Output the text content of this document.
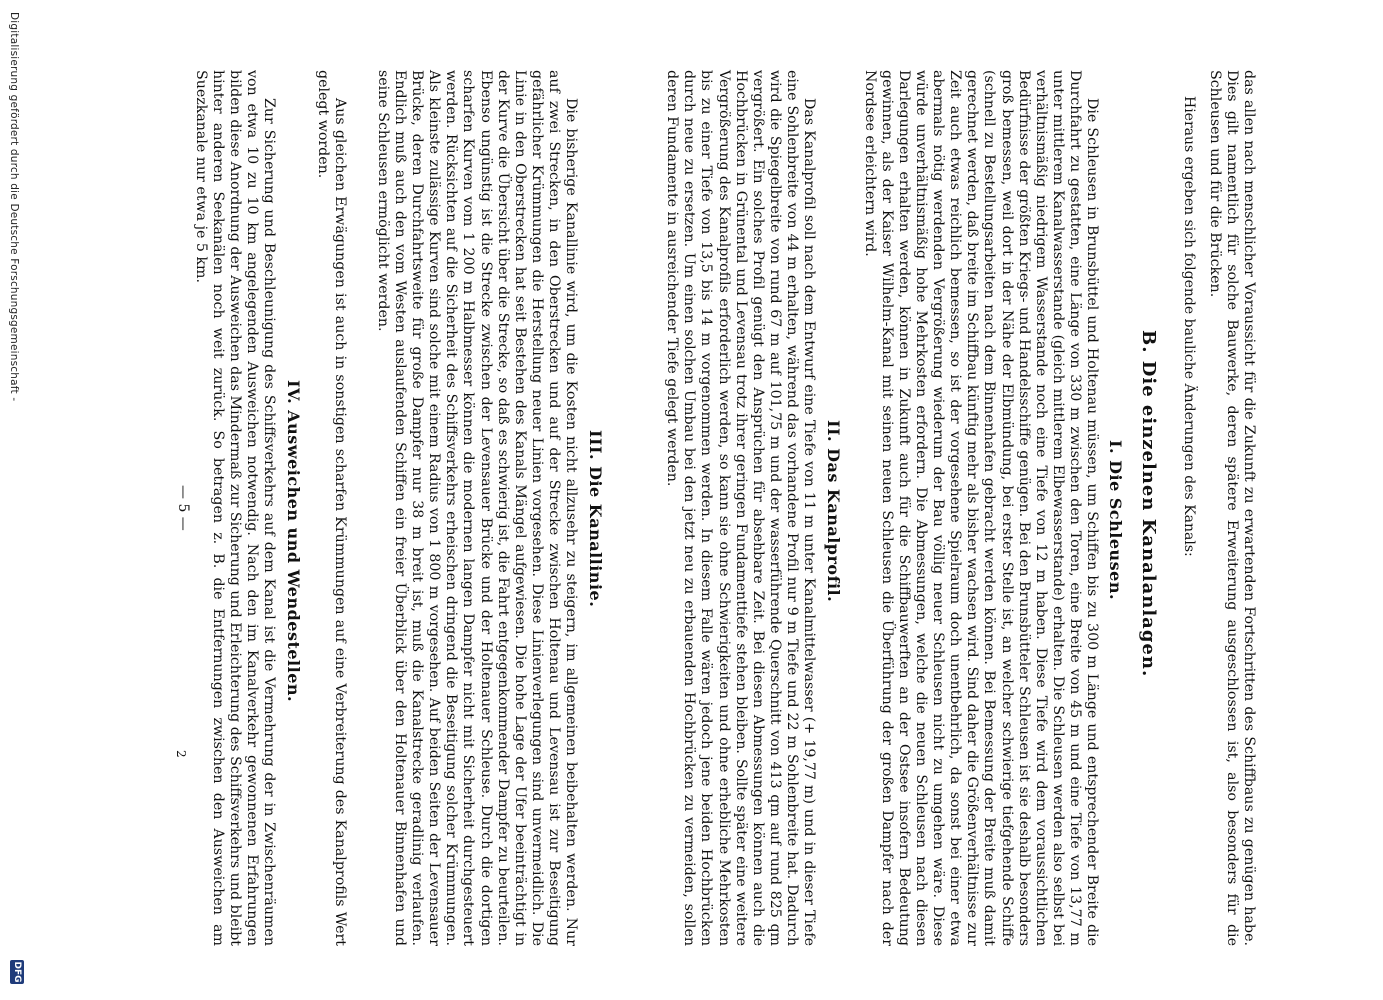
— 5 —	das allen nach menschlicher Voraussicht für die Zukunft zu erwartenden Fortschritten des Schiffbaus zu genügen habe. Dies gilt namentlich für solche Bauwerke, deren spätere Erweiterung ausgeschlossen ist, also besonders für die Schleusen und für die Brücken.

Hieraus ergeben sich folgende bauliche Änderungen des Kanals:
B. Die einzelnen Kanalanlagen.
I. Die Schleusen.

Die Schleusen in Brunsbüttel und Holtenau müssen, um Schiffen bis zu 300 m Länge und entsprechender Breite die Durchfahrt zu gestatten, eine Länge von 330 m zwischen den Toren, eine Breite von 45 m und eine Tiefe von 13,77 m unter mittlerem Kanalwasserstande (gleich mittlerem Elbewasserstande) erhalten. Die Schleusen werden also selbst bei verhältnismäßig niedrigem Wasserstande noch eine Tiefe von 12 m haben. Diese Tiefe wird dem voraussichtlichen Bedürfnisse der größten Kriegs- und Handelsschiffe genügen. Bei den Brunsbütteler Schleusen ist sie deshalb besonders groß bemessen, weil dort in der Nähe der Elbmündung, bei erster Stelle ist, an welcher schwierige tiefgehende Schiffe (schnell zu Bestellungsarbeiten nach dem Binnenhafen gebracht werden können. Bei Bemessung der Breite muß damit gerechnet werden, daß breite im Schiffbau künftig mehr als bisher wachsen wird. Sind daher die Größenverhältnisse zur Zeit auch etwas reichlich bemessen, so ist der vorgesehene Spielraum doch unentbehrlich, da sonst bei einer etwa abermals nötig werdenden Vergrößerung wiederum der Bau völlig neuer Schleusen nicht zu umgehen wäre. Diese würde unverhältnismäßig hohe Mehrkosten erfordern. Die Abmessungen, welche die neuen Schleusen nach diesen Darlegungen erhalten werden, können in Zukunft auch für die Schiffbauwerften an der Ostsee insofern Bedeutung gewinnen, als der Kaiser Wilhelm-Kanal mit seinen neuen Schleusen die Überführung der großen Dampfer nach der Nordsee erleichtern wird.

II. Das Kanalprofil.

Das Kanalprofil soll nach dem Entwurf eine Tiefe von 11 m unter Kanalmittelwasser (+ 19,77 m) und in dieser Tiefe eine Sohlenbreite von 44 m erhalten, während das vorhandene Profil nur 9 m Tiefe und 22 m Sohlenbreite hat. Dadurch wird die Spiegelbreite von rund 67 m auf 101,75 m und der wasserführende Querschnitt von 413 qm auf rund 825 qm vergrößert. Ein solches Profil genügt den Ansprüchen für absehbare Zeit. Bei diesen Abmessungen können auch die Hochbrücken in Grünental und Levensau trotz ihrer geringen Fundamenttiefe stehen bleiben. Sollte später eine weitere Vergrößerung des Kanalprofils erforderlich werden, so kann sie ohne Schwierigkeiten und ohne erhebliche Mehrkosten bis zu einer Tiefe von 13,5 bis 14 m vorgenommen werden. In diesem Falle wären jedoch jene beiden Hochbrücken durch neue zu ersetzen. Um einen solchen Umbau bei den jetzt neu zu erbauenden Hochbrücken zu vermeiden, sollen deren Fundamente in ausreichender Tiefe gelegt werden.

III. Die Kanallinie.

Die bisherige Kanallinie wird, um die Kosten nicht allzusehr zu steigern, im allgemeinen beibehalten werden. Nur auf zwei Strecken, in den Oberstrecken und auf der Strecke zwischen Holtenau und Levensau ist zur Beseitigung gefährlicher Krümmungen die Herstellung neuer Linien vorgesehen. Diese Linienverlegungen sind unvermeidlich. Die Linie in den Oberstrecken hat seit Bestehen des Kanals Mängel aufgewiesen. Die hohe Lage der Ufer beeinträchtigt in der Kurve die Übersicht über die Strecke, so daß es schwierig ist, die Fahrt entgegenkommender Dampfer zu beurteilen. Ebenso ungünstig ist die Strecke zwischen der Levensauer Brücke und der Holtenauer Schleuse. Durch die dortigen scharfen Kurven vom 1 200 m Halbmesser können die modernen langen Dampfer nicht mit Sicherheit durchgesteuert werden. Rücksichten auf die Sicherheit des Schiffsverkehrs erheischen dringend die Beseitigung solcher Krümmungen. Als kleinste zulässige Kurven sind solche mit einem Radius von 1 800 m vorgesehen. Auf beiden Seiten der Levensauer Brücke, deren Durchfahrtsweite für große Dampfer nur 38 m breit ist, muß die Kanalstrecke geradlinig verlaufen. Endlich muß auch den vom Westen auslaufenden Schiffen ein freier Überblick über den Holtenauer Binnenhafen und seine Schleusen ermöglicht werden.

Aus gleichen Erwägungen ist auch in sonstigen scharfen Krümmungen auf eine Verbreiterung des Kanalprofils Wert gelegt worden.

IV. Ausweichen und Wendestellen.

Zur Sicherung und Beschleunigung des Schiffsverkehrs auf dem Kanal ist die Vermehrung der in Zwischenräumen von etwa 10 zu 10 km angelegenden Ausweichen notwendig. Nach den im Kanalverkehr gewonnenen Erfahrungen bilden diese Anordnung der Ausweichen das Mindermaß zur Sicherung und Erleichterung des Schiffsverkehrs und bleibt hinter anderen Seekanälen noch weit zurück. So betragen z. B. die Entfernungen zwischen den Ausweichen am Suezkanale nur etwa je 5 km.

2
Digitalisierung gefördert durch die Deutsche Forschungsgemeinschaft -
DFG
